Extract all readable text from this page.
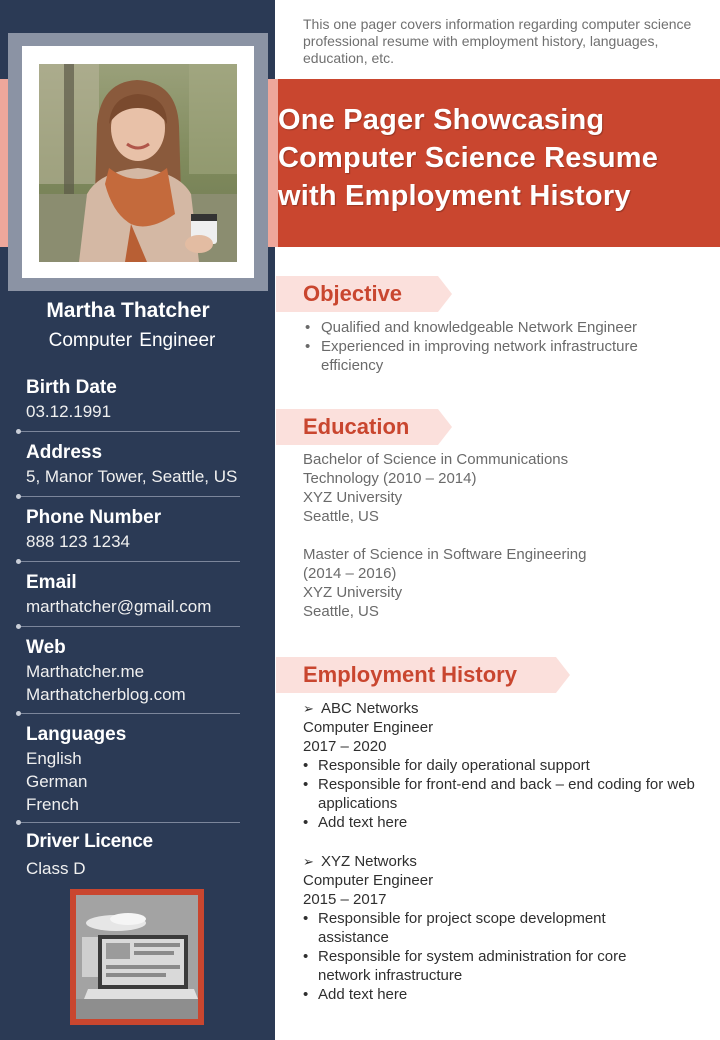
Martha Thatcher
Computer Engineer
Birth Date
03.12.1991
Address
5, Manor Tower, Seattle, US
Phone Number
888 123 1234
Email
marthatcher@gmail.com
Web
Marthatcher.me
Marthatcherblog.com
Languages
English
German
French
Driver Licence
Class D
This one pager covers information regarding computer science professional resume with employment history, languages, education, etc.
One Pager Showcasing Computer Science Resume with Employment History
Objective
• Qualified and knowledgeable Network Engineer
• Experienced in improving network infrastructure efficiency
Education
Bachelor of Science in Communications
Technology (2010 – 2014)
XYZ University
Seattle, US
Master of Science in Software Engineering
(2014 – 2016)
XYZ University
Seattle, US
Employment History
➢ ABC Networks
Computer Engineer
2017 – 2020
• Responsible for daily operational support
• Responsible for front-end and back – end coding for web applications
• Add text here
➢ XYZ Networks
Computer Engineer
2015 – 2017
• Responsible for project scope development assistance
• Responsible for system administration for core network infrastructure
• Add text here
